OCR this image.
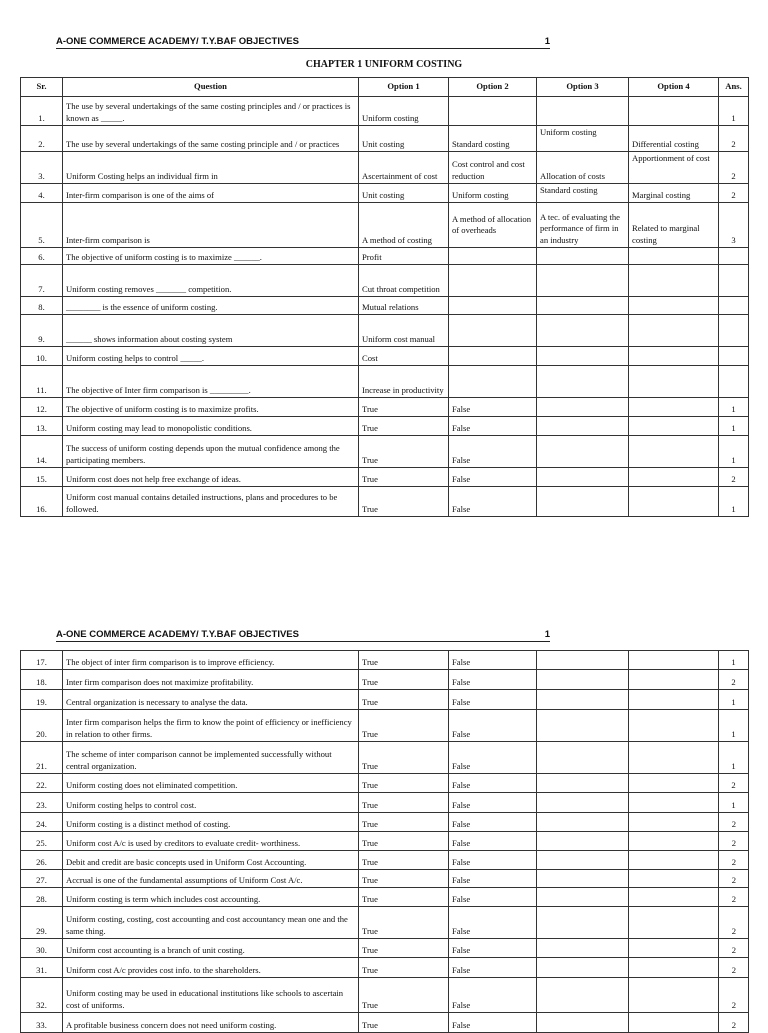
A-ONE COMMERCE ACADEMY/ T.Y.BAF OBJECTIVES	1
CHAPTER 1 UNIFORM COSTING
Sr.	Question	Option 1	Option 2	Option 3	Option 4	Ans.
1.	The use by several undertakings of the same costing principles and / or practices is known as _____.	Uniform costing				1
2.	The use by several undertakings of the same costing principle and / or practices	Unit costing	Standard costing	Uniform costing	Differential costing	2
3.	Uniform Costing helps an individual firm in	Ascertainment of cost	Cost control and cost reduction	Allocation of costs	Apportionment of cost	2
4.	Inter-firm comparison is one of the aims of	Unit costing	Uniform costing	Standard costing	Marginal costing	2
5.	Inter-firm comparison is	A method of costing	A method of allocation of overheads	A tec. of evaluating the performance of firm in an industry	Related to marginal costing	3
6.	The objective of uniform costing is to maximize ______.	Profit				
7.	Uniform costing removes _______ competition.	Cut throat competition				
8.	________ is the essence of uniform costing.	Mutual relations				
9.	______ shows information about costing system	Uniform cost manual				
10.	Uniform costing helps to control _____.	Cost				
11.	The objective of Inter firm comparison is _________.	Increase in productivity				
12.	The objective of uniform costing is to maximize profits.	True	False			1
13.	Uniform costing may lead to monopolistic conditions.	True	False			1
14.	The success of uniform costing depends upon the mutual confidence among the participating members.	True	False			1
15.	Uniform cost does not help free exchange of ideas.	True	False			2
16.	Uniform cost manual contains detailed instructions, plans and procedures to be followed.	True	False			1
A-ONE COMMERCE ACADEMY/ T.Y.BAF OBJECTIVES	1
17.	The object of inter firm comparison is to improve efficiency.	True	False			1
18.	Inter firm comparison does not maximize profitability.	True	False			2
19.	Central organization is necessary to analyse the data.	True	False			1
20.	Inter firm comparison helps the firm to know the point of efficiency or inefficiency in relation to other firms.	True	False			1
21.	The scheme of inter comparison cannot be implemented successfully without central organization.	True	False			1
22.	Uniform costing does not eliminated competition.	True	False			2
23.	Uniform costing helps to control cost.	True	False			1
24.	Uniform costing is a distinct method of costing.	True	False			2
25.	Uniform cost A/c is used by creditors to evaluate credit- worthiness.	True	False			2
26.	Debit and credit are basic concepts used in Uniform Cost Accounting.	True	False			2
27.	Accrual is one of the fundamental assumptions of Uniform Cost A/c.	True	False			2
28.	Uniform costing is term which includes cost accounting.	True	False			2
29.	Uniform costing, costing, cost accounting and cost accountancy mean one and the same thing.	True	False			2
30.	Uniform cost accounting is a branch of unit costing.	True	False			2
31.	Uniform cost A/c provides cost info. to the shareholders.	True	False			2
32.	Uniform costing may be used in educational institutions like schools to ascertain cost of uniforms.	True	False			2
33.	A profitable business concern does not need uniform costing.	True	False			2
